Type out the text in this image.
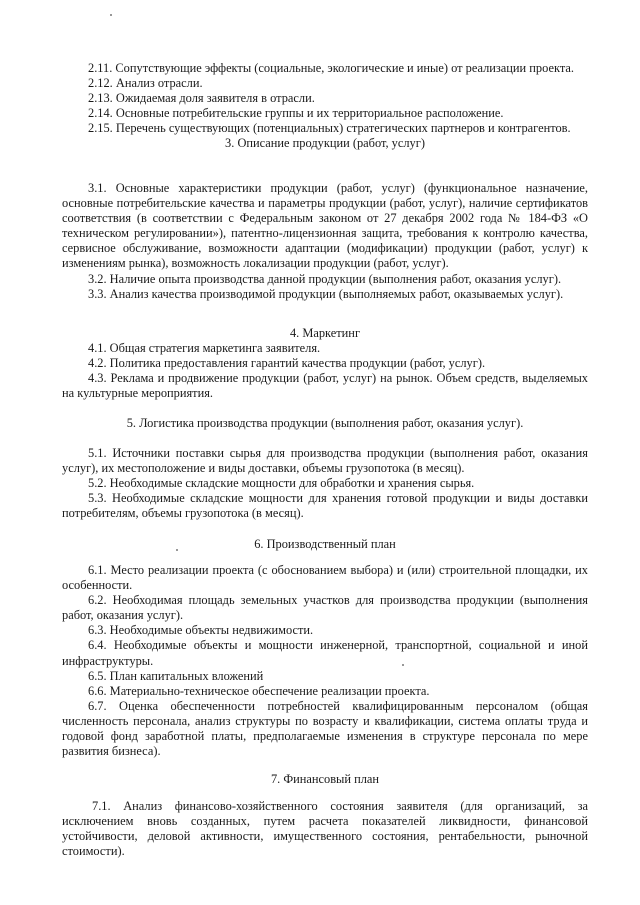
2.11. Сопутствующие эффекты (социальные, экологические и иные) от реализации проекта.

2.12. Анализ отрасли.

2.13. Ожидаемая доля заявителя в отрасли.

2.14. Основные потребительские группы и их территориальное расположение.

2.15. Перечень существующих (потенциальных) стратегических партнеров и контрагентов.

3. Описание продукции (работ, услуг)

3.1. Основные характеристики продукции (работ, услуг) (функциональное назначение, основные потребительские качества и параметры продукции (работ, услуг), наличие сертификатов соответствия (в соответствии с Федеральным законом от 27 декабря 2002 года № 184-ФЗ «О техническом регулировании»), патентно-лицензионная защита, требования к контролю качества, сервисное обслуживание, возможности адаптации (модификации) продукции (работ, услуг) к изменениям рынка), возможность локализации продукции (работ, услуг).

3.2. Наличие опыта производства данной продукции (выполнения работ, оказания услуг).

3.3. Анализ качества производимой продукции (выполняемых работ, оказываемых услуг).

4. Маркетинг

4.1. Общая стратегия маркетинга заявителя.

4.2. Политика предоставления гарантий качества продукции (работ, услуг).

4.3. Реклама и продвижение продукции (работ, услуг) на рынок. Объем средств, выделяемых на культурные мероприятия.

5. Логистика производства продукции (выполнения работ, оказания услуг).

5.1. Источники поставки сырья для производства продукции (выполнения работ, оказания услуг), их местоположение и виды доставки, объемы грузопотока (в месяц).

5.2. Необходимые складские мощности для обработки и хранения сырья.

5.3. Необходимые складские мощности для хранения готовой продукции и виды доставки потребителям, объемы грузопотока (в месяц).

6. Производственный план

6.1. Место реализации проекта (с обоснованием выбора) и (или) строительной площадки, их особенности.

6.2. Необходимая площадь земельных участков для производства продукции (выполнения работ, оказания услуг).

6.3. Необходимые объекты недвижимости.

6.4. Необходимые объекты и мощности инженерной, транспортной, социальной и иной инфраструктуры.

6.5. План капитальных вложений

6.6. Материально-техническое обеспечение реализации проекта.

6.7. Оценка обеспеченности потребностей квалифицированным персоналом (общая численность персонала, анализ структуры по возрасту и квалификации, система оплаты труда и годовой фонд заработной платы, предполагаемые изменения в структуре персонала по мере развития бизнеса).

7. Финансовый план

7.1. Анализ финансово-хозяйственного состояния заявителя (для организаций, за исключением вновь созданных, путем расчета показателей ликвидности, финансовой устойчивости, деловой активности, имущественного состояния, рентабельности, рыночной стоимости).
